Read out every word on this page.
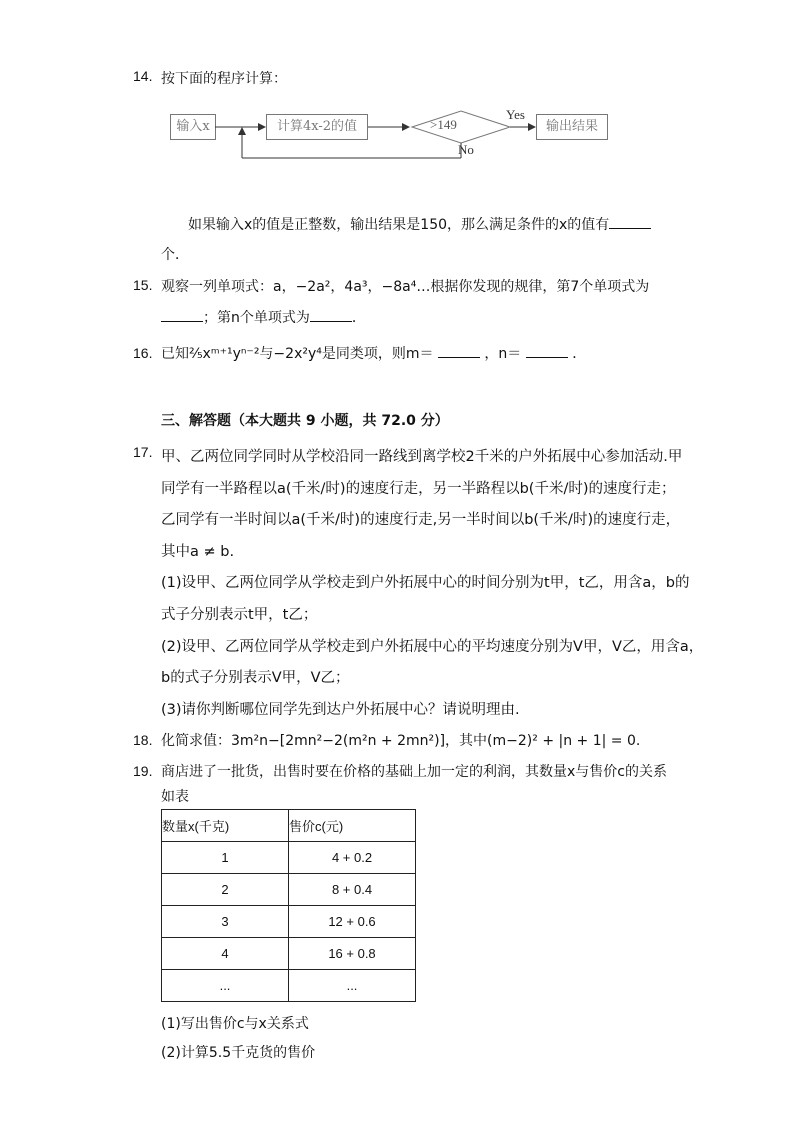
14. 按下面的程序计算：
输入x	计算4x-2的值	>149
Yes
No
输出结果
如果输入x的值是正整数，输出结果是150，那么满足条件的x的值有
个．
15. 观察一列单项式：a，−2a²，4a³，−8a⁴…根据你发现的规律，第7个单项式为
；第n个单项式为	．
16. 已知²⁄₅xᵐ⁺¹yⁿ⁻²与−2x²y⁴是同类项，则m＝	，n＝	．
三、解答题（本大题共 9 小题，共 72.0 分）
17. 甲、乙两位同学同时从学校沿同一路线到离学校2千米的户外拓展中心参加活动.甲
同学有一半路程以a(千米/时)的速度行走，另一半路程以b(千米/时)的速度行走；
乙同学有一半时间以a(千米/时)的速度行走,另一半时间以b(千米/时)的速度行走，
其中a ≠ b.
(1)设甲、乙两位同学从学校走到户外拓展中心的时间分别为t甲，t乙，用含a，b的
式子分别表示t甲，t乙；
(2)设甲、乙两位同学从学校走到户外拓展中心的平均速度分别为V甲，V乙，用含a，
b的式子分别表示V甲，V乙；
(3)请你判断哪位同学先到达户外拓展中心？请说明理由.
18. 化简求值：3m²n−[2mn²−2(m²n + 2mn²)]，其中(m−2)² + |n + 1| = 0.
19. 商店进了一批货，出售时要在价格的基础上加一定的利润，其数量x与售价c的关系
如表
数量x(千克)	售价c(元)
1	4 + 0.2
2	8 + 0.4
3	12 + 0.6
4	16 + 0.8
...	...
(1)写出售价c与x关系式
(2)计算5.5千克货的售价
